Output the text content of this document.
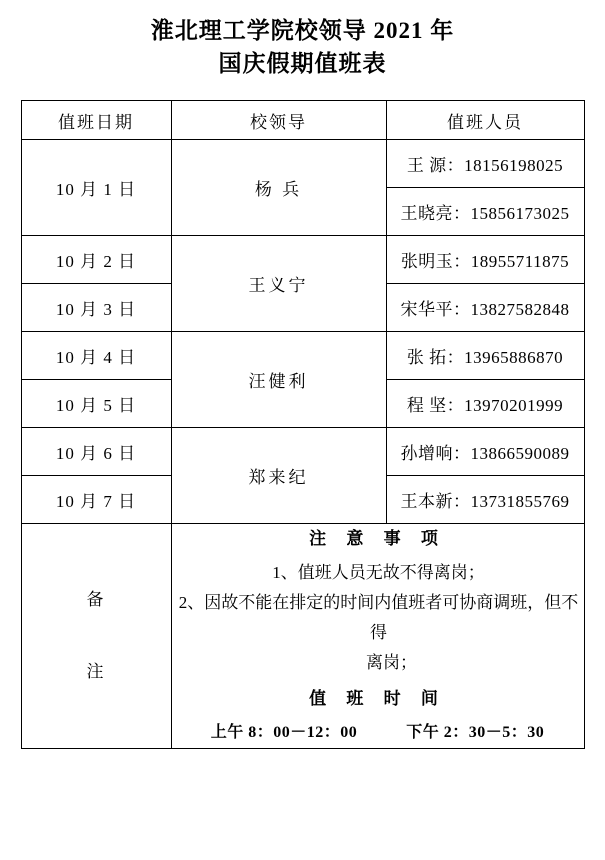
淮北理工学院校领导 2021 年
国庆假期值班表
值班日期	校领导	值班人员
10 月 1 日	杨 兵	王 源：18156198025
		王晓亮：15856173025
10 月 2 日	王义宁	张明玉：18955711875
10 月 3 日		宋华平：13827582848
10 月 4 日	汪健利	张 拓：13965886870
10 月 5 日		程 坚：13970201999
10 月 6 日	郑来纪	孙增响：13866590089
10 月 7 日		王本新：13731855769

备
注

注 意 事 项
1、值班人员无故不得离岗；
2、因故不能在排定的时间内值班者可协商调班，但不得
离岗；
值 班 时 间
上午 8：00－12：00	下午 2：30－5：30
